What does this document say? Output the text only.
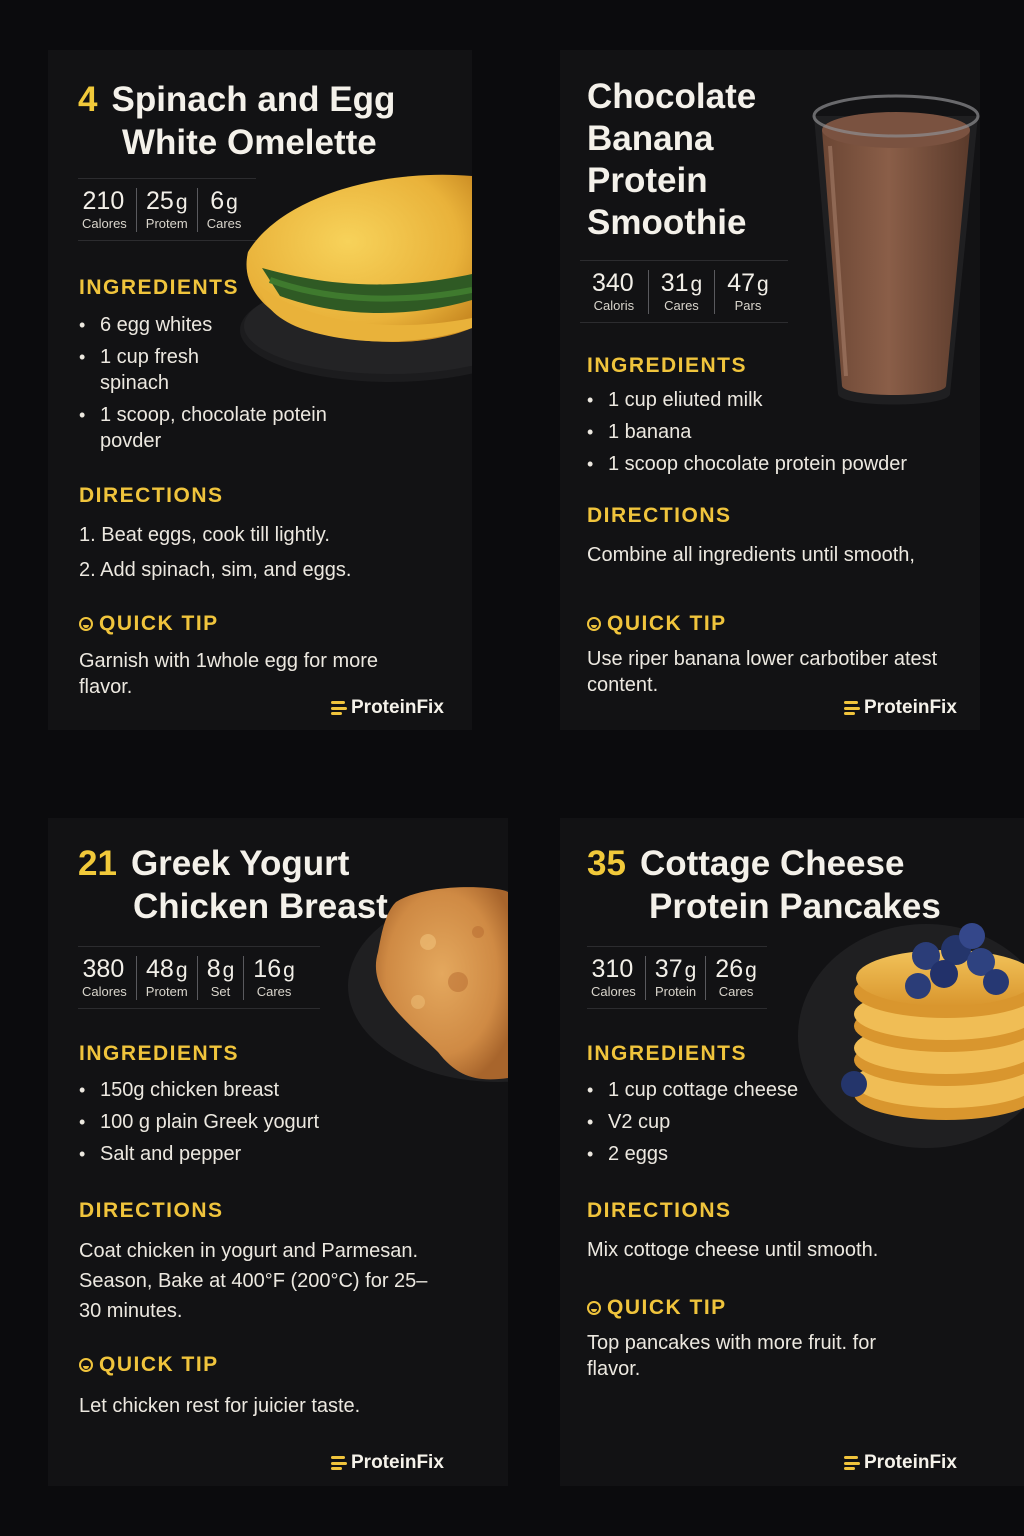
4 Spinach and Egg
White Omelette
210
Calores
25g
Protem
6g
Cares
INGREDIENTS
• 6 egg whites
• 1 cup fresh spinach
• 1 scoop, chocolate potein povder
DIRECTIONS
1. Beat eggs, cook till lightly.
2. Add spinach, sim, and eggs.
QUICK TIP

Garnish with 1whole egg for more flavor.

ProteinFix
Chocolate
Banana
Protein
Smoothie
340
Caloris
31g
Cares
47g
Pars
INGREDIENTS
• 1 cup eliuted milk
• 1 banana
• 1 scoop chocolate protein powder
DIRECTIONS
Combine all ingredients until smooth,
QUICK TIP

Use riper banana lower carbotiber atest content.

ProteinFix
21 Greek Yogurt
Chicken Breast
380
Calores
48g
Protem
8g
Set
16g
Cares
INGREDIENTS
• 150g chicken breast
• 100 g plain Greek yogurt
• Salt and pepper
DIRECTIONS

Coat chicken in yogurt and Parmesan. Season, Bake at 400°F (200°C) for 25–30 minutes.

QUICK TIP

Let chicken rest for juicier taste.

ProteinFix
35 Cottage Cheese
Protein Pancakes
310
Calores
37g
Protein
26g
Cares
INGREDIENTS
• 1 cup cottage cheese
• V2 cup
• 2 eggs
DIRECTIONS
Mix cottoge cheese until smooth.
QUICK TIP

Top pancakes with more fruit. for flavor.

ProteinFix
